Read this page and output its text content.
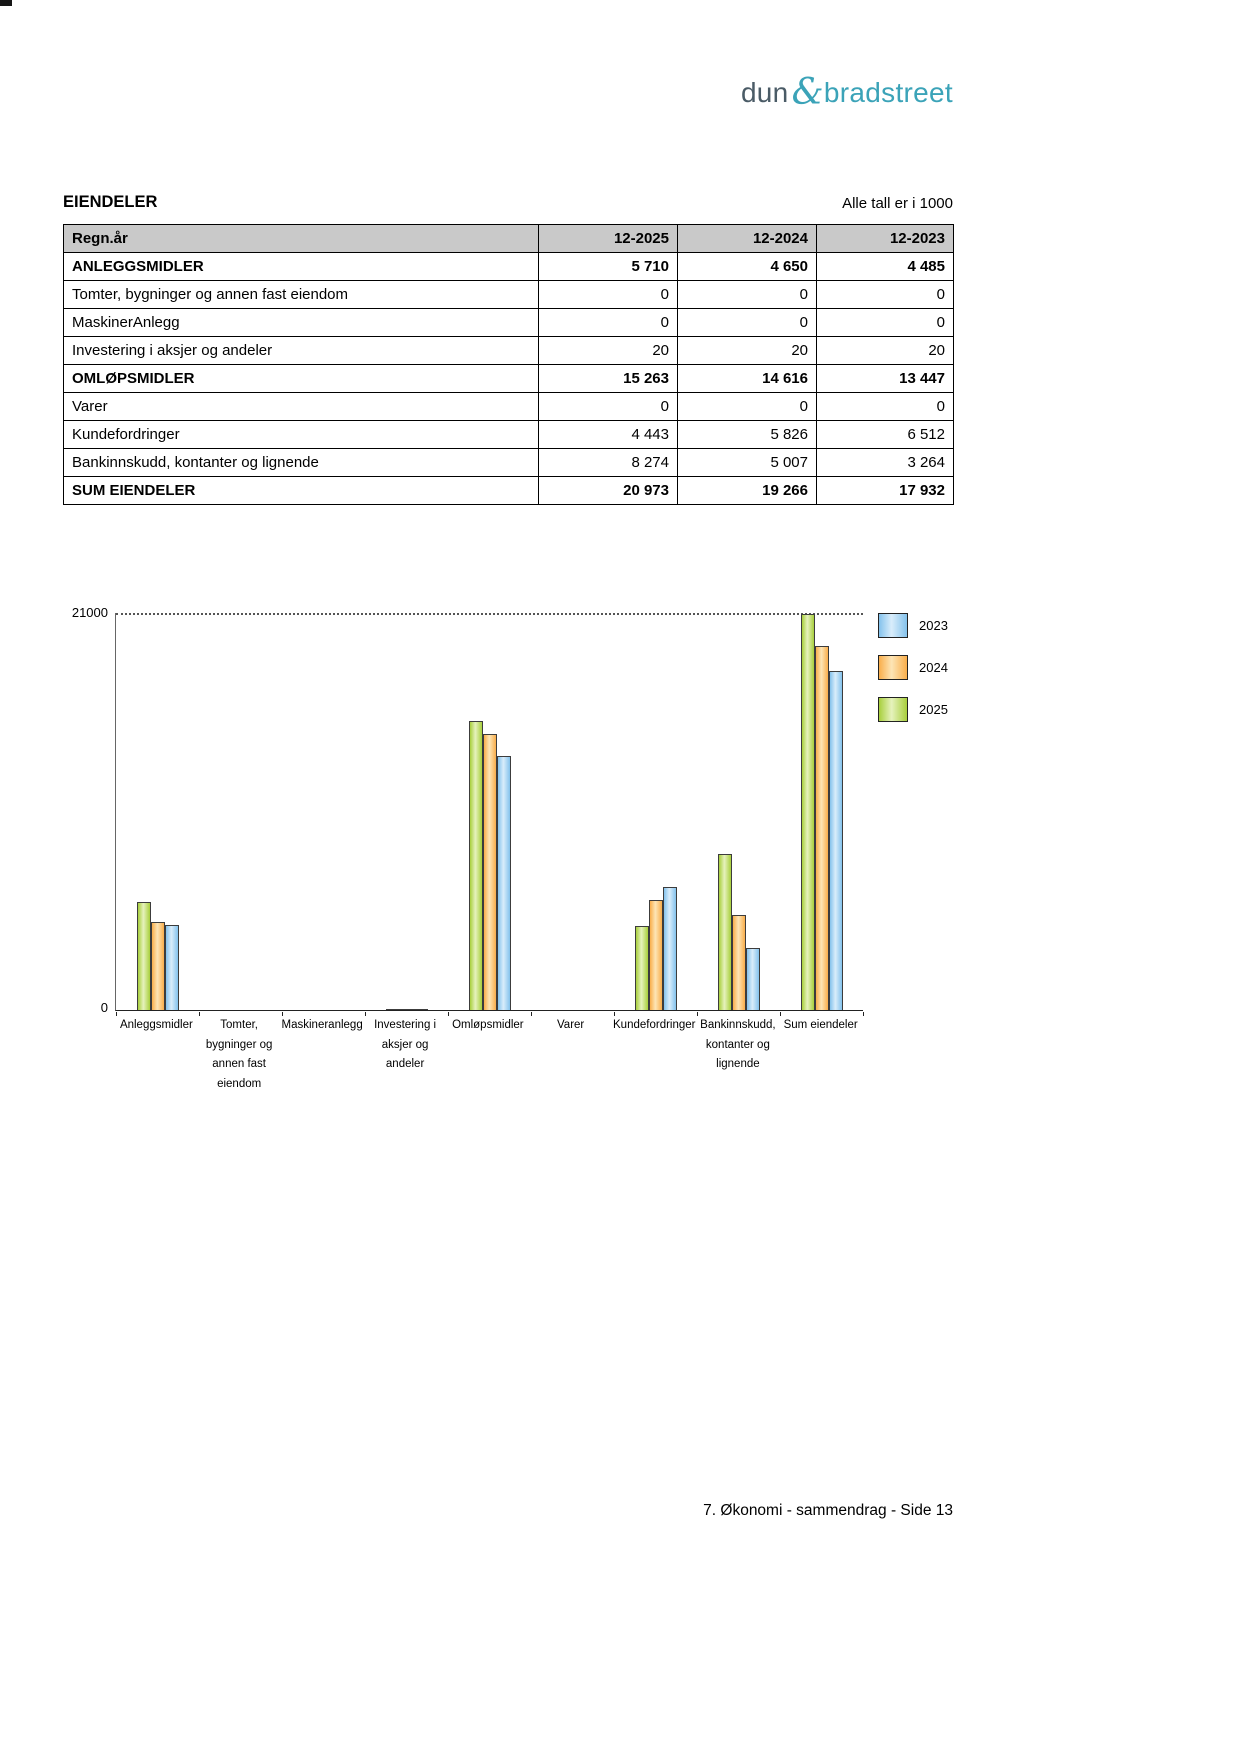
dun&bradstreet
EIENDELER	Alle tall er i 1000
Regn.år	12-2025	12-2024	12-2023
ANLEGGSMIDLER	5 710	4 650	4 485
Tomter, bygninger og annen fast eiendom	0	0	0
MaskinerAnlegg	0	0	0
Investering i aksjer og andeler	20	20	20
OMLØPSMIDLER	15 263	14 616	13 447
Varer	0	0	0
Kundefordringer	4 443	5 826	6 512
Bankinnskudd, kontanter og lignende	8 274	5 007	3 264
SUM EIENDELER	20 973	19 266	17 932
21000
0
Anleggsmidler	Tomter, bygninger og annen fast eiendom
Maskineranlegg Investering i aksjer og andeler
Omløpsmidler	Varer	Kundefordringer Bankinnskudd, kontanter og lignende
Sum eiendeler
2023
2024
2025
7. Økonomi - sammendrag - Side 13
